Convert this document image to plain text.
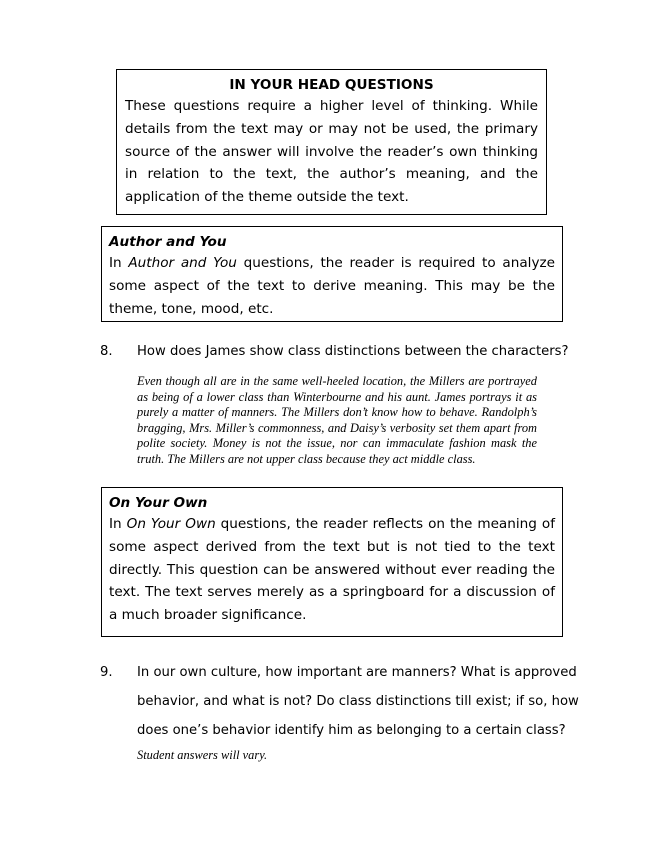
IN YOUR HEAD QUESTIONS

These questions require a higher level of thinking. While details from the text may or may not be used, the primary source of the answer will involve the reader’s own thinking in relation to the text, the author’s meaning, and the application of the theme outside the text.

Author and You

In Author and You questions, the reader is required to analyze some aspect of the text to derive meaning. This may be the theme, tone, mood, etc.

8. How does James show class distinctions between the characters?
Even though all are in the same well-heeled location, the Millers are portrayed as being of a lower class than Winterbourne and his aunt. James portrays it as purely a matter of manners. The Millers don’t know how to behave. Randolph’s bragging, Mrs. Miller’s commonness, and Daisy’s verbosity set them apart from polite society. Money is not the issue, nor can immaculate fashion mask the truth. The Millers are not upper class because they act middle class.

On Your Own

In On Your Own questions, the reader reflects on the meaning of some aspect derived from the text but is not tied to the text directly. This question can be answered without ever reading the text. The text serves merely as a springboard for a discussion of a much broader significance.

9. In our own culture, how important are manners? What is approved
behavior, and what is not? Do class distinctions till exist; if so, how
does one’s behavior identify him as belonging to a certain class?
Student answers will vary.
